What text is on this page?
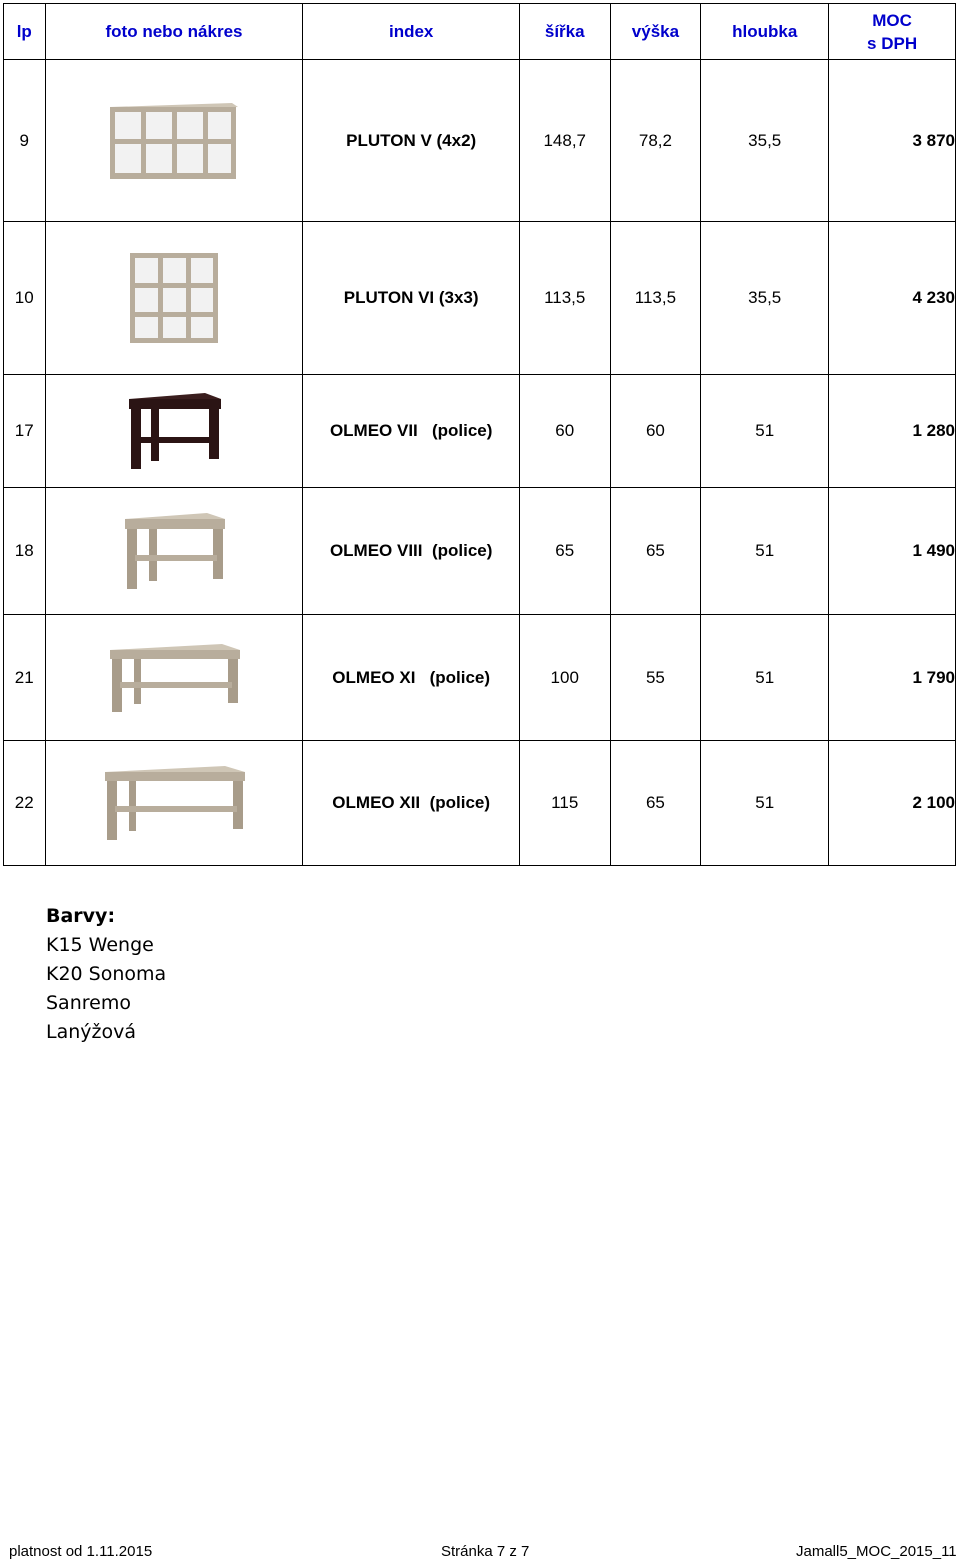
lp	foto nebo nákres	index	šířka	výška	hloubka	MOC
s DPH
9		PLUTON V (4x2)	148,7	78,2	35,5	3 870
10		PLUTON VI (3x3)	113,5	113,5	35,5	4 230
17		OLMEO VII (police)	60	60	51	1 280
18		OLMEO VIII (police)	65	65	51	1 490
21		OLMEO XI (police)	100	55	51	1 790
22		OLMEO XII (police)	115	65	51	2 100
Barvy:
K15 Wenge
K20 Sonoma
Sanremo
Lanýžová
platnost od 1.11.2015	Stránka 7 z 7	Jamall5_MOC_2015_11
